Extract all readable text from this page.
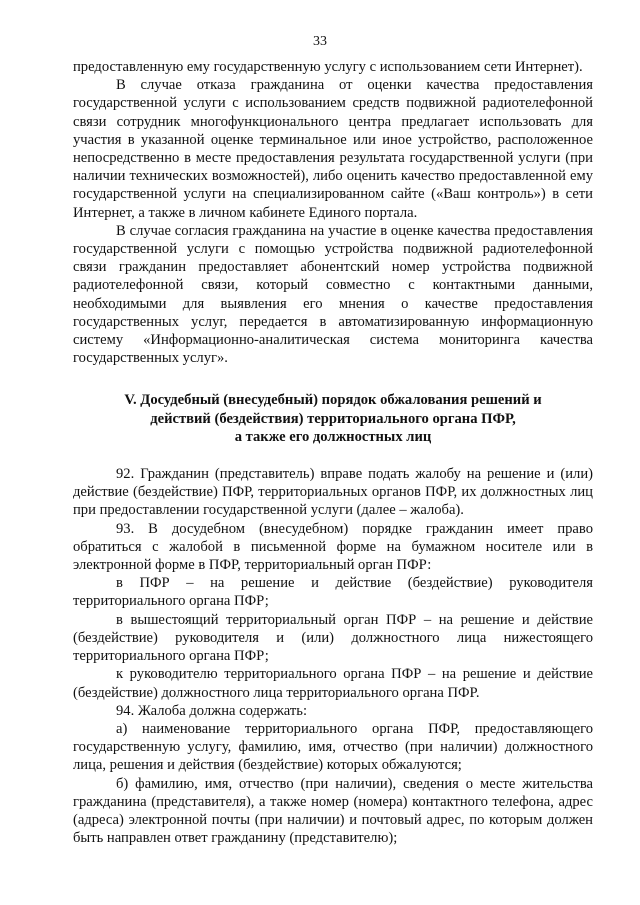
33

предоставленную ему государственную услугу с использованием сети Интернет).

В случае отказа гражданина от оценки качества предоставления государственной услуги с использованием средств подвижной радиотелефонной связи сотрудник многофункционального центра предлагает использовать для участия в указанной оценке терминальное или иное устройство, расположенное непосредственно в месте предоставления результата государственной услуги (при наличии технических возможностей), либо оценить качество предоставленной ему государственной услуги на специализированном сайте («Ваш контроль») в сети Интернет, а также в личном кабинете Единого портала.

В случае согласия гражданина на участие в оценке качества предоставления государственной услуги с помощью устройства подвижной радиотелефонной связи гражданин предоставляет абонентский номер устройства подвижной радиотелефонной связи, который совместно с контактными данными, необходимыми для выявления его мнения о качестве предоставления государственных услуг, передается в автоматизированную информационную систему «Информационно-аналитическая система мониторинга качества государственных услуг».

V. Досудебный (внесудебный) порядок обжалования решений и
действий (бездействия) территориального органа ПФР,
а также его должностных лиц

92. Гражданин (представитель) вправе подать жалобу на решение и (или) действие (бездействие) ПФР, территориальных органов ПФР, их должностных лиц при предоставлении государственной услуги (далее – жалоба).

93. В досудебном (внесудебном) порядке гражданин имеет право обратиться с жалобой в письменной форме на бумажном носителе или в электронной форме в ПФР, территориальный орган ПФР:

в ПФР – на решение и действие (бездействие) руководителя территориального органа ПФР;

в вышестоящий территориальный орган ПФР – на решение и действие (бездействие) руководителя и (или) должностного лица нижестоящего территориального органа ПФР;

к руководителю территориального органа ПФР – на решение и действие (бездействие) должностного лица территориального органа ПФР.

94. Жалоба должна содержать:

а) наименование территориального органа ПФР, предоставляющего государственную услугу, фамилию, имя, отчество (при наличии) должностного лица, решения и действия (бездействие) которых обжалуются;

б) фамилию, имя, отчество (при наличии), сведения о месте жительства гражданина (представителя), а также номер (номера) контактного телефона, адрес (адреса) электронной почты (при наличии) и почтовый адрес, по которым должен быть направлен ответ гражданину (представителю);
